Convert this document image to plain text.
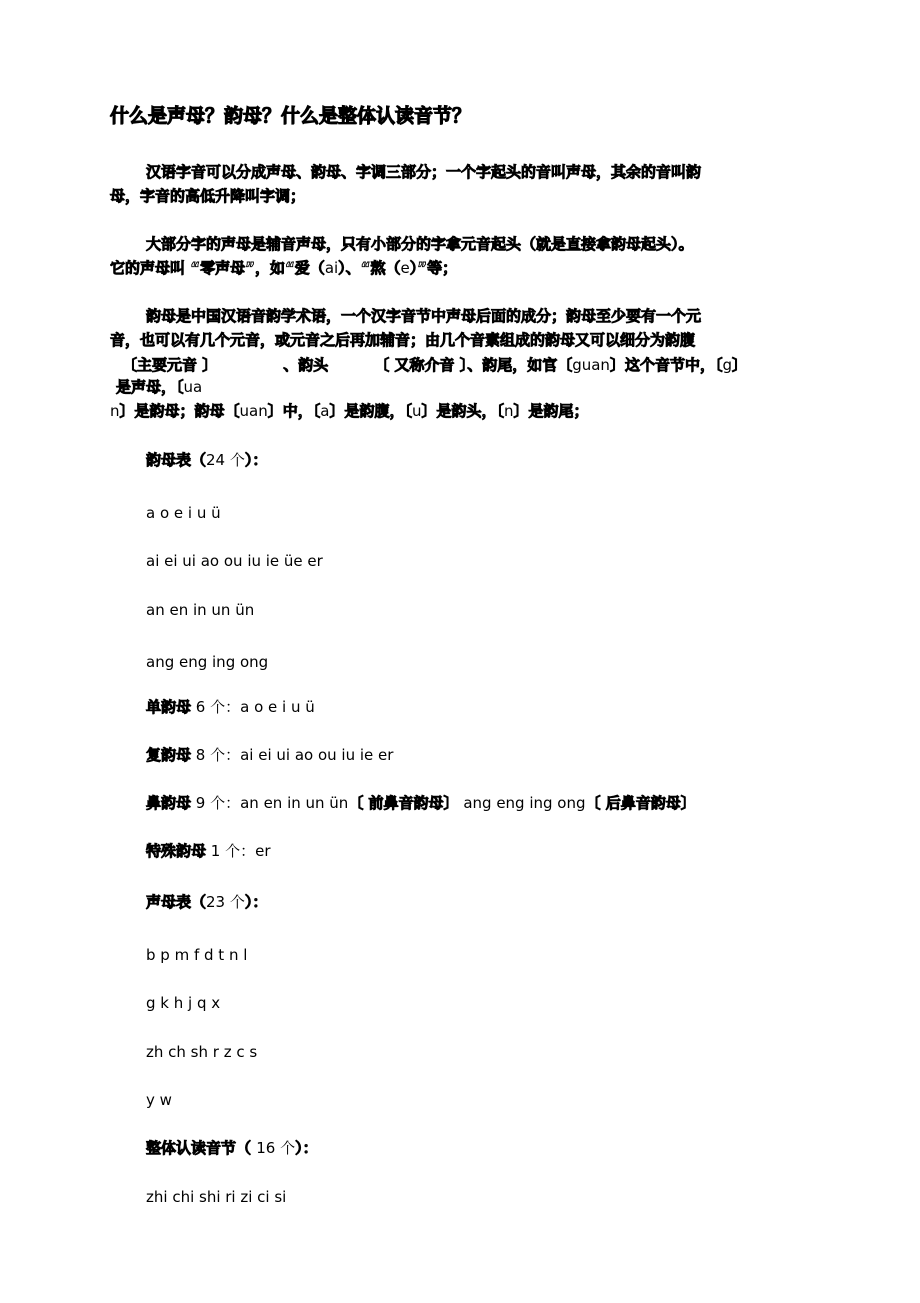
什么是声母？韵母？什么是整体认读音节？
汉语字音可以分成声母、韵母、字调三部分；一个字起头的音叫声母，其余的音叫韵
母，字音的高低升降叫字调；
大部分字的声母是辅音声母，只有小部分的字拿元音起头（就是直接拿韵母起头）。
它的声母叫 “零声母”，如“爱（ai）、“熬（e）”等；
韵母是中国汉语音韵学术语，一个汉字音节中声母后面的成分；韵母至少要有一个元
音，也可以有几个元音，或元音之后再加辅音；由几个音素组成的韵母又可以细分为韵腹
〔主要元音 〕	、韵头	〔 又称介音 〕、韵尾，如官〔guan〕这个音节中，〔g〕
是声母，〔ua
n〕是韵母；韵母〔uan〕中，〔a〕是韵腹，〔u〕是韵头，〔n〕是韵尾；
韵母表（24 个）：
a o e i u ü
ai ei ui ao ou iu ie üe er
an en in un ün
ang eng ing ong
单韵母 6 个：a o e i u ü
复韵母 8 个：ai ei ui ao ou iu ie er
鼻韵母 9 个：an en in un ün〔 前鼻音韵母〕 ang eng ing ong〔 后鼻音韵母〕
特殊韵母 1 个：er
声母表（23 个）：
b p m f d t n l
g k h j q x
zh ch sh r z c s
y w
整体认读音节（ 16 个）：
zhi chi shi ri zi ci si
